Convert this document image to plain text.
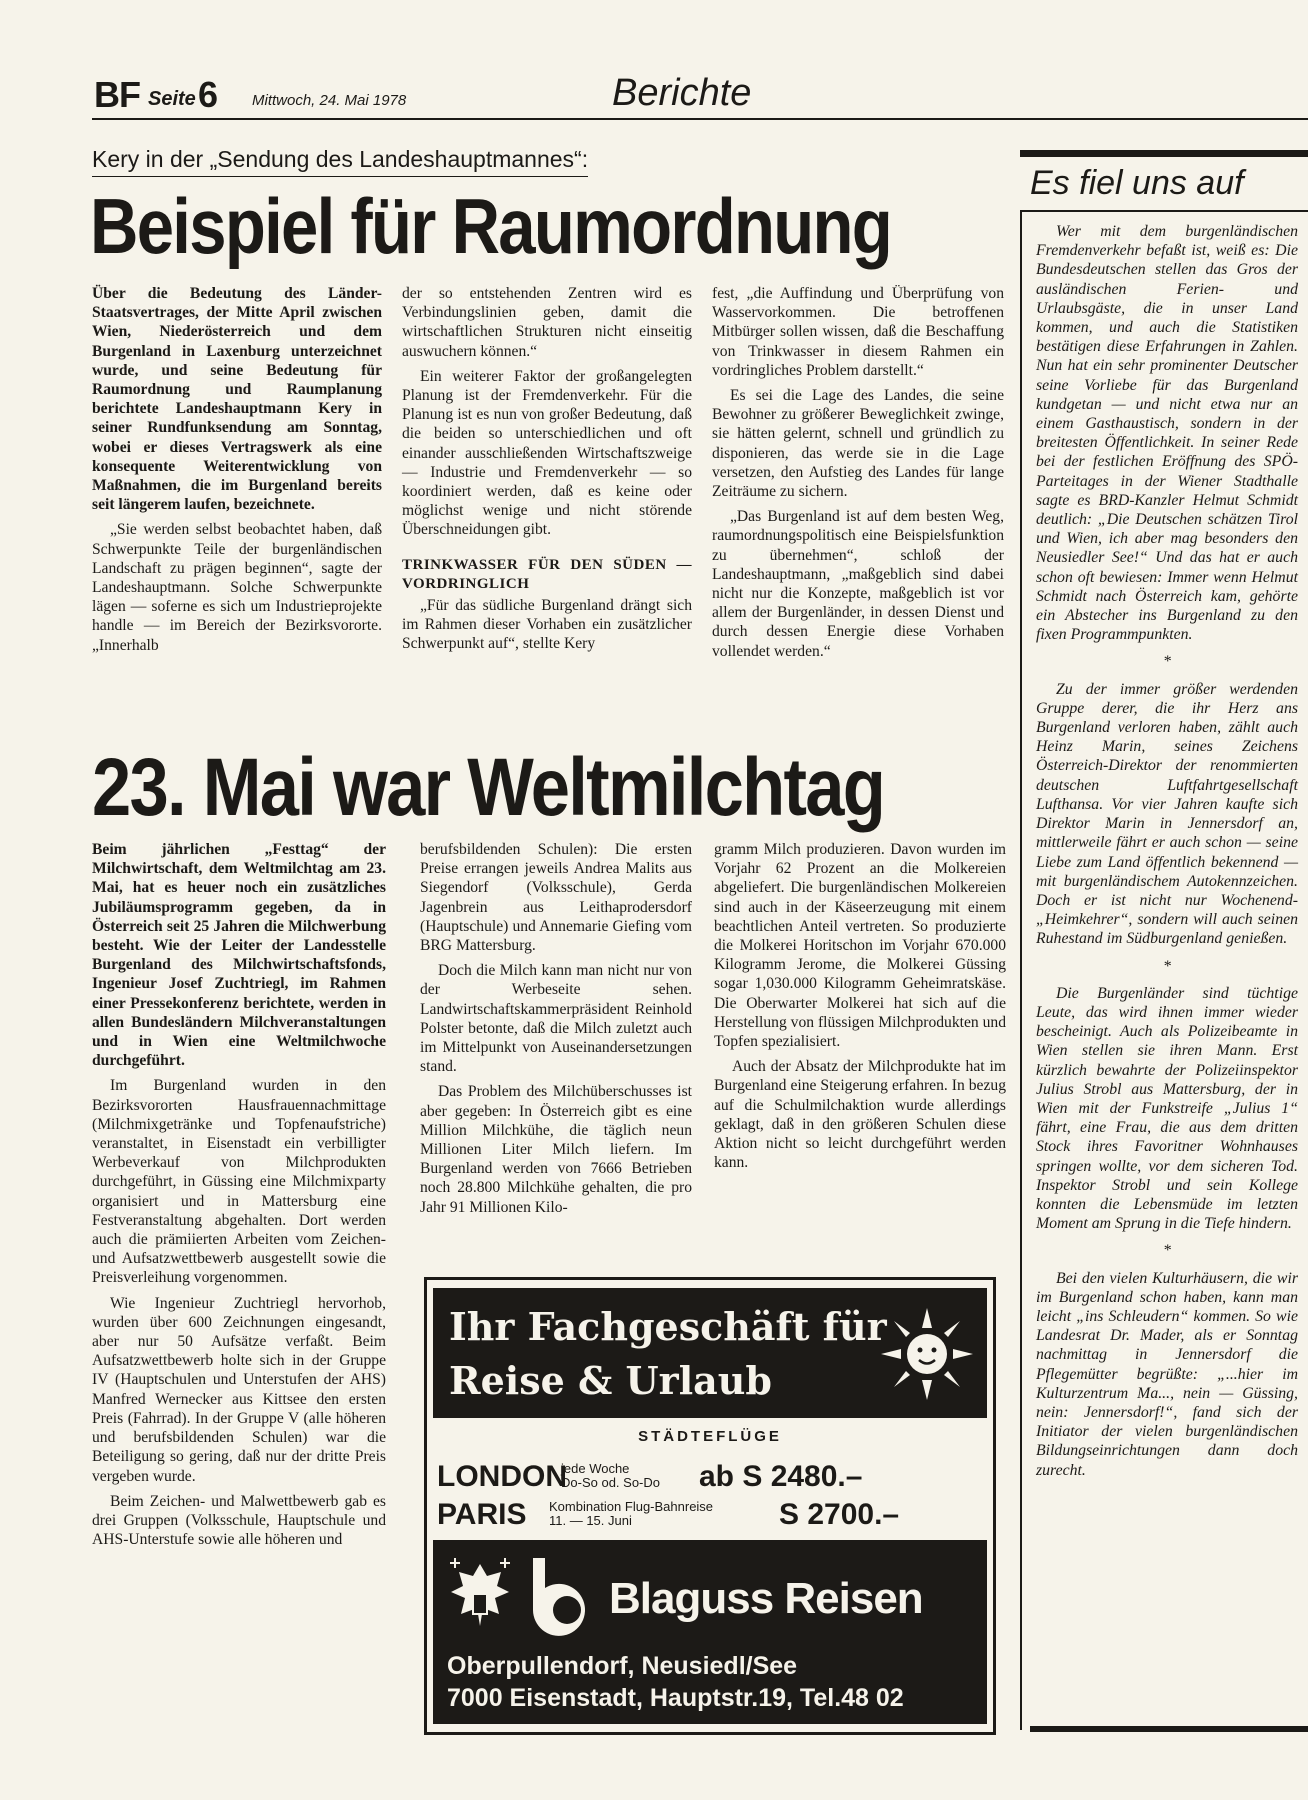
BF Seite 6 Mittwoch, 24. Mai 1978	Berichte
Kery in der „Sendung des Landeshauptmannes“:
Beispiel für Raumordnung

Über die Bedeutung des Länder-Staatsvertrages, der Mitte April zwischen Wien, Niederösterreich und dem Burgenland in Laxenburg unterzeichnet wurde, und seine Bedeutung für Raumordnung und Raumplanung berichtete Landeshauptmann Kery in seiner Rundfunksendung am Sonntag, wobei er dieses Vertragswerk als eine konsequente Weiterentwicklung von Maßnahmen, die im Burgenland bereits seit längerem laufen, bezeichnete.

„Sie werden selbst beobachtet haben, daß Schwerpunkte Teile der burgenländischen Landschaft zu prägen beginnen“, sagte der Landeshauptmann. Solche Schwerpunkte lägen — soferne es sich um Industrieprojekte handle — im Bereich der Bezirksvororte. „Innerhalb

der so entstehenden Zentren wird es Verbindungslinien geben, damit die wirtschaftlichen Strukturen nicht einseitig auswuchern können.“

Ein weiterer Faktor der großangelegten Planung ist der Fremdenverkehr. Für die Planung ist es nun von großer Bedeutung, daß die beiden so unterschiedlichen und oft einander ausschließenden Wirtschaftszweige — Industrie und Fremdenverkehr — so koordiniert werden, daß es keine oder möglichst wenige und nicht störende Überschneidungen gibt.

TRINKWASSER FÜR DEN SÜDEN — VORDRINGLICH

„Für das südliche Burgenland drängt sich im Rahmen dieser Vorhaben ein zusätzlicher Schwerpunkt auf“, stellte Kery

fest, „die Auffindung und Überprüfung von Wasservorkommen. Die betroffenen Mitbürger sollen wissen, daß die Beschaffung von Trinkwasser in diesem Rahmen ein vordringliches Problem darstellt.“

Es sei die Lage des Landes, die seine Bewohner zu größerer Beweglichkeit zwinge, sie hätten gelernt, schnell und gründlich zu disponieren, das werde sie in die Lage versetzen, den Aufstieg des Landes für lange Zeiträume zu sichern.

„Das Burgenland ist auf dem besten Weg, raumordnungspolitisch eine Beispielsfunktion zu übernehmen“, schloß der Landeshauptmann, „maßgeblich sind dabei nicht nur die Konzepte, maßgeblich ist vor allem der Burgenländer, in dessen Dienst und durch dessen Energie diese Vorhaben vollendet werden.“

23. Mai war Weltmilchtag

Beim jährlichen „Festtag“ der Milchwirtschaft, dem Weltmilchtag am 23. Mai, hat es heuer noch ein zusätzliches Jubiläumsprogramm gegeben, da in Österreich seit 25 Jahren die Milchwerbung besteht. Wie der Leiter der Landesstelle Burgenland des Milchwirtschaftsfonds, Ingenieur Josef Zuchtriegl, im Rahmen einer Pressekonferenz berichtete, werden in allen Bundesländern Milchveranstaltungen und in Wien eine Weltmilchwoche durchgeführt.

Im Burgenland wurden in den Bezirksvororten Hausfrauennachmittage (Milchmixgetränke und Topfenaufstriche) veranstaltet, in Eisenstadt ein verbilligter Werbeverkauf von Milchprodukten durchgeführt, in Güssing eine Milchmixparty organisiert und in Mattersburg eine Festveranstaltung abgehalten. Dort werden auch die prämiierten Arbeiten vom Zeichen- und Aufsatzwettbewerb ausgestellt sowie die Preisverleihung vorgenommen.

Wie Ingenieur Zuchtriegl hervorhob, wurden über 600 Zeichnungen eingesandt, aber nur 50 Aufsätze verfaßt. Beim Aufsatzwettbewerb holte sich in der Gruppe IV (Hauptschulen und Unterstufen der AHS) Manfred Wernecker aus Kittsee den ersten Preis (Fahrrad). In der Gruppe V (alle höheren und berufsbildenden Schulen) war die Beteiligung so gering, daß nur der dritte Preis vergeben wurde.

Beim Zeichen- und Malwettbewerb gab es drei Gruppen (Volksschule, Hauptschule und AHS-Unterstufe sowie alle höheren und

berufsbildenden Schulen): Die ersten Preise errangen jeweils Andrea Malits aus Siegendorf (Volksschule), Gerda Jagenbrein aus Leithaprodersdorf (Hauptschule) und Annemarie Giefing vom BRG Mattersburg.

Doch die Milch kann man nicht nur von der Werbeseite sehen. Landwirtschaftskammerpräsident Reinhold Polster betonte, daß die Milch zuletzt auch im Mittelpunkt von Auseinandersetzungen stand.

Das Problem des Milchüberschusses ist aber gegeben: In Österreich gibt es eine Million Milchkühe, die täglich neun Millionen Liter Milch liefern. Im Burgenland werden von 7666 Betrieben noch 28.800 Milchkühe gehalten, die pro Jahr 91 Millionen Kilo-

gramm Milch produzieren. Davon wurden im Vorjahr 62 Prozent an die Molkereien abgeliefert. Die burgenländischen Molkereien sind auch in der Käseerzeugung mit einem beachtlichen Anteil vertreten. So produzierte die Molkerei Horitschon im Vorjahr 670.000 Kilogramm Jerome, die Molkerei Güssing sogar 1,030.000 Kilogramm Geheimratskäse. Die Oberwarter Molkerei hat sich auf die Herstellung von flüssigen Milchprodukten und Topfen spezialisiert.

Auch der Absatz der Milchprodukte hat im Burgenland eine Steigerung erfahren. In bezug auf die Schulmilchaktion wurde allerdings geklagt, daß in den größeren Schulen diese Aktion nicht so leicht durchgeführt werden kann.

Ihr Fachgeschäft für
Reise & Urlaub
STÄDTEFLÜGE
LONDON
jede Woche
Do-So od. So-Do ab S 2480.–
PARIS Kombination Flug-Bahnreise
11. — 15. Juni	S 2700.–
Blaguss Reisen
Oberpullendorf, Neusiedl/See
7000 Eisenstadt, Hauptstr.19, Tel.48 02
Es fiel uns auf

Wer mit dem burgenländischen Fremdenverkehr befaßt ist, weiß es: Die Bundesdeutschen stellen das Gros der ausländischen Ferien- und Urlaubsgäste, die in unser Land kommen, und auch die Statistiken bestätigen diese Erfahrungen in Zahlen. Nun hat ein sehr prominenter Deutscher seine Vorliebe für das Burgenland kundgetan — und nicht etwa nur an einem Gasthaustisch, sondern in der breitesten Öffentlichkeit. In seiner Rede bei der festlichen Eröffnung des SPÖ-Parteitages in der Wiener Stadthalle sagte es BRD-Kanzler Helmut Schmidt deutlich: „Die Deutschen schätzen Tirol und Wien, ich aber mag besonders den Neusiedler See!“ Und das hat er auch schon oft bewiesen: Immer wenn Helmut Schmidt nach Österreich kam, gehörte ein Abstecher ins Burgenland zu den fixen Programmpunkten.

*

Zu der immer größer werdenden Gruppe derer, die ihr Herz ans Burgenland verloren haben, zählt auch Heinz Marin, seines Zeichens Österreich-Direktor der renommierten deutschen Luftfahrtgesellschaft Lufthansa. Vor vier Jahren kaufte sich Direktor Marin in Jennersdorf an, mittlerweile fährt er auch schon — seine Liebe zum Land öffentlich bekennend — mit burgenländischem Autokennzeichen. Doch er ist nicht nur Wochenend-„Heimkehrer“, sondern will auch seinen Ruhestand im Südburgenland genießen.

*

Die Burgenländer sind tüchtige Leute, das wird ihnen immer wieder bescheinigt. Auch als Polizeibeamte in Wien stellen sie ihren Mann. Erst kürzlich bewahrte der Polizeiinspektor Julius Strobl aus Mattersburg, der in Wien mit der Funkstreife „Julius 1“ fährt, eine Frau, die aus dem dritten Stock ihres Favoritner Wohnhauses springen wollte, vor dem sicheren Tod. Inspektor Strobl und sein Kollege konnten die Lebensmüde im letzten Moment am Sprung in die Tiefe hindern.

*

Bei den vielen Kulturhäusern, die wir im Burgenland schon haben, kann man leicht „ins Schleudern“ kommen. So wie Landesrat Dr. Mader, als er Sonntag nachmittag in Jennersdorf die Pflegemütter begrüßte: „...hier im Kulturzentrum Ma..., nein — Güssing, nein: Jennersdorf!“, fand sich der Initiator der vielen burgenländischen Bildungseinrichtungen dann doch zurecht.
